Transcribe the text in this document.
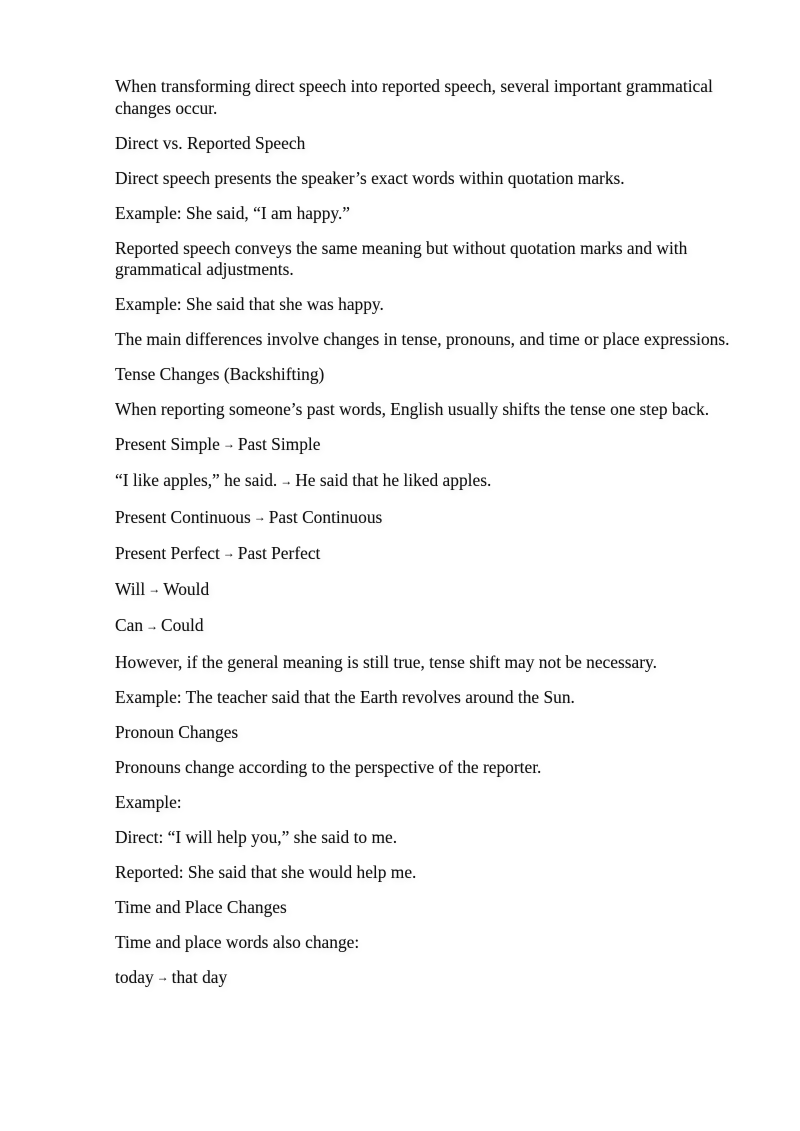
When transforming direct speech into reported speech, several important grammatical changes occur.

Direct vs. Reported Speech

Direct speech presents the speaker’s exact words within quotation marks.

Example: She said, “I am happy.”

Reported speech conveys the same meaning but without quotation marks and with grammatical adjustments.

Example: She said that she was happy.

The main differences involve changes in tense, pronouns, and time or place expressions.

Tense Changes (Backshifting)

When reporting someone’s past words, English usually shifts the tense one step back.

Present Simple → Past Simple

“I like apples,” he said. → He said that he liked apples.

Present Continuous → Past Continuous

Present Perfect → Past Perfect

Will → Would

Can → Could

However, if the general meaning is still true, tense shift may not be necessary.

Example: The teacher said that the Earth revolves around the Sun.

Pronoun Changes

Pronouns change according to the perspective of the reporter.

Example:

Direct: “I will help you,” she said to me.

Reported: She said that she would help me.

Time and Place Changes

Time and place words also change:

today → that day
